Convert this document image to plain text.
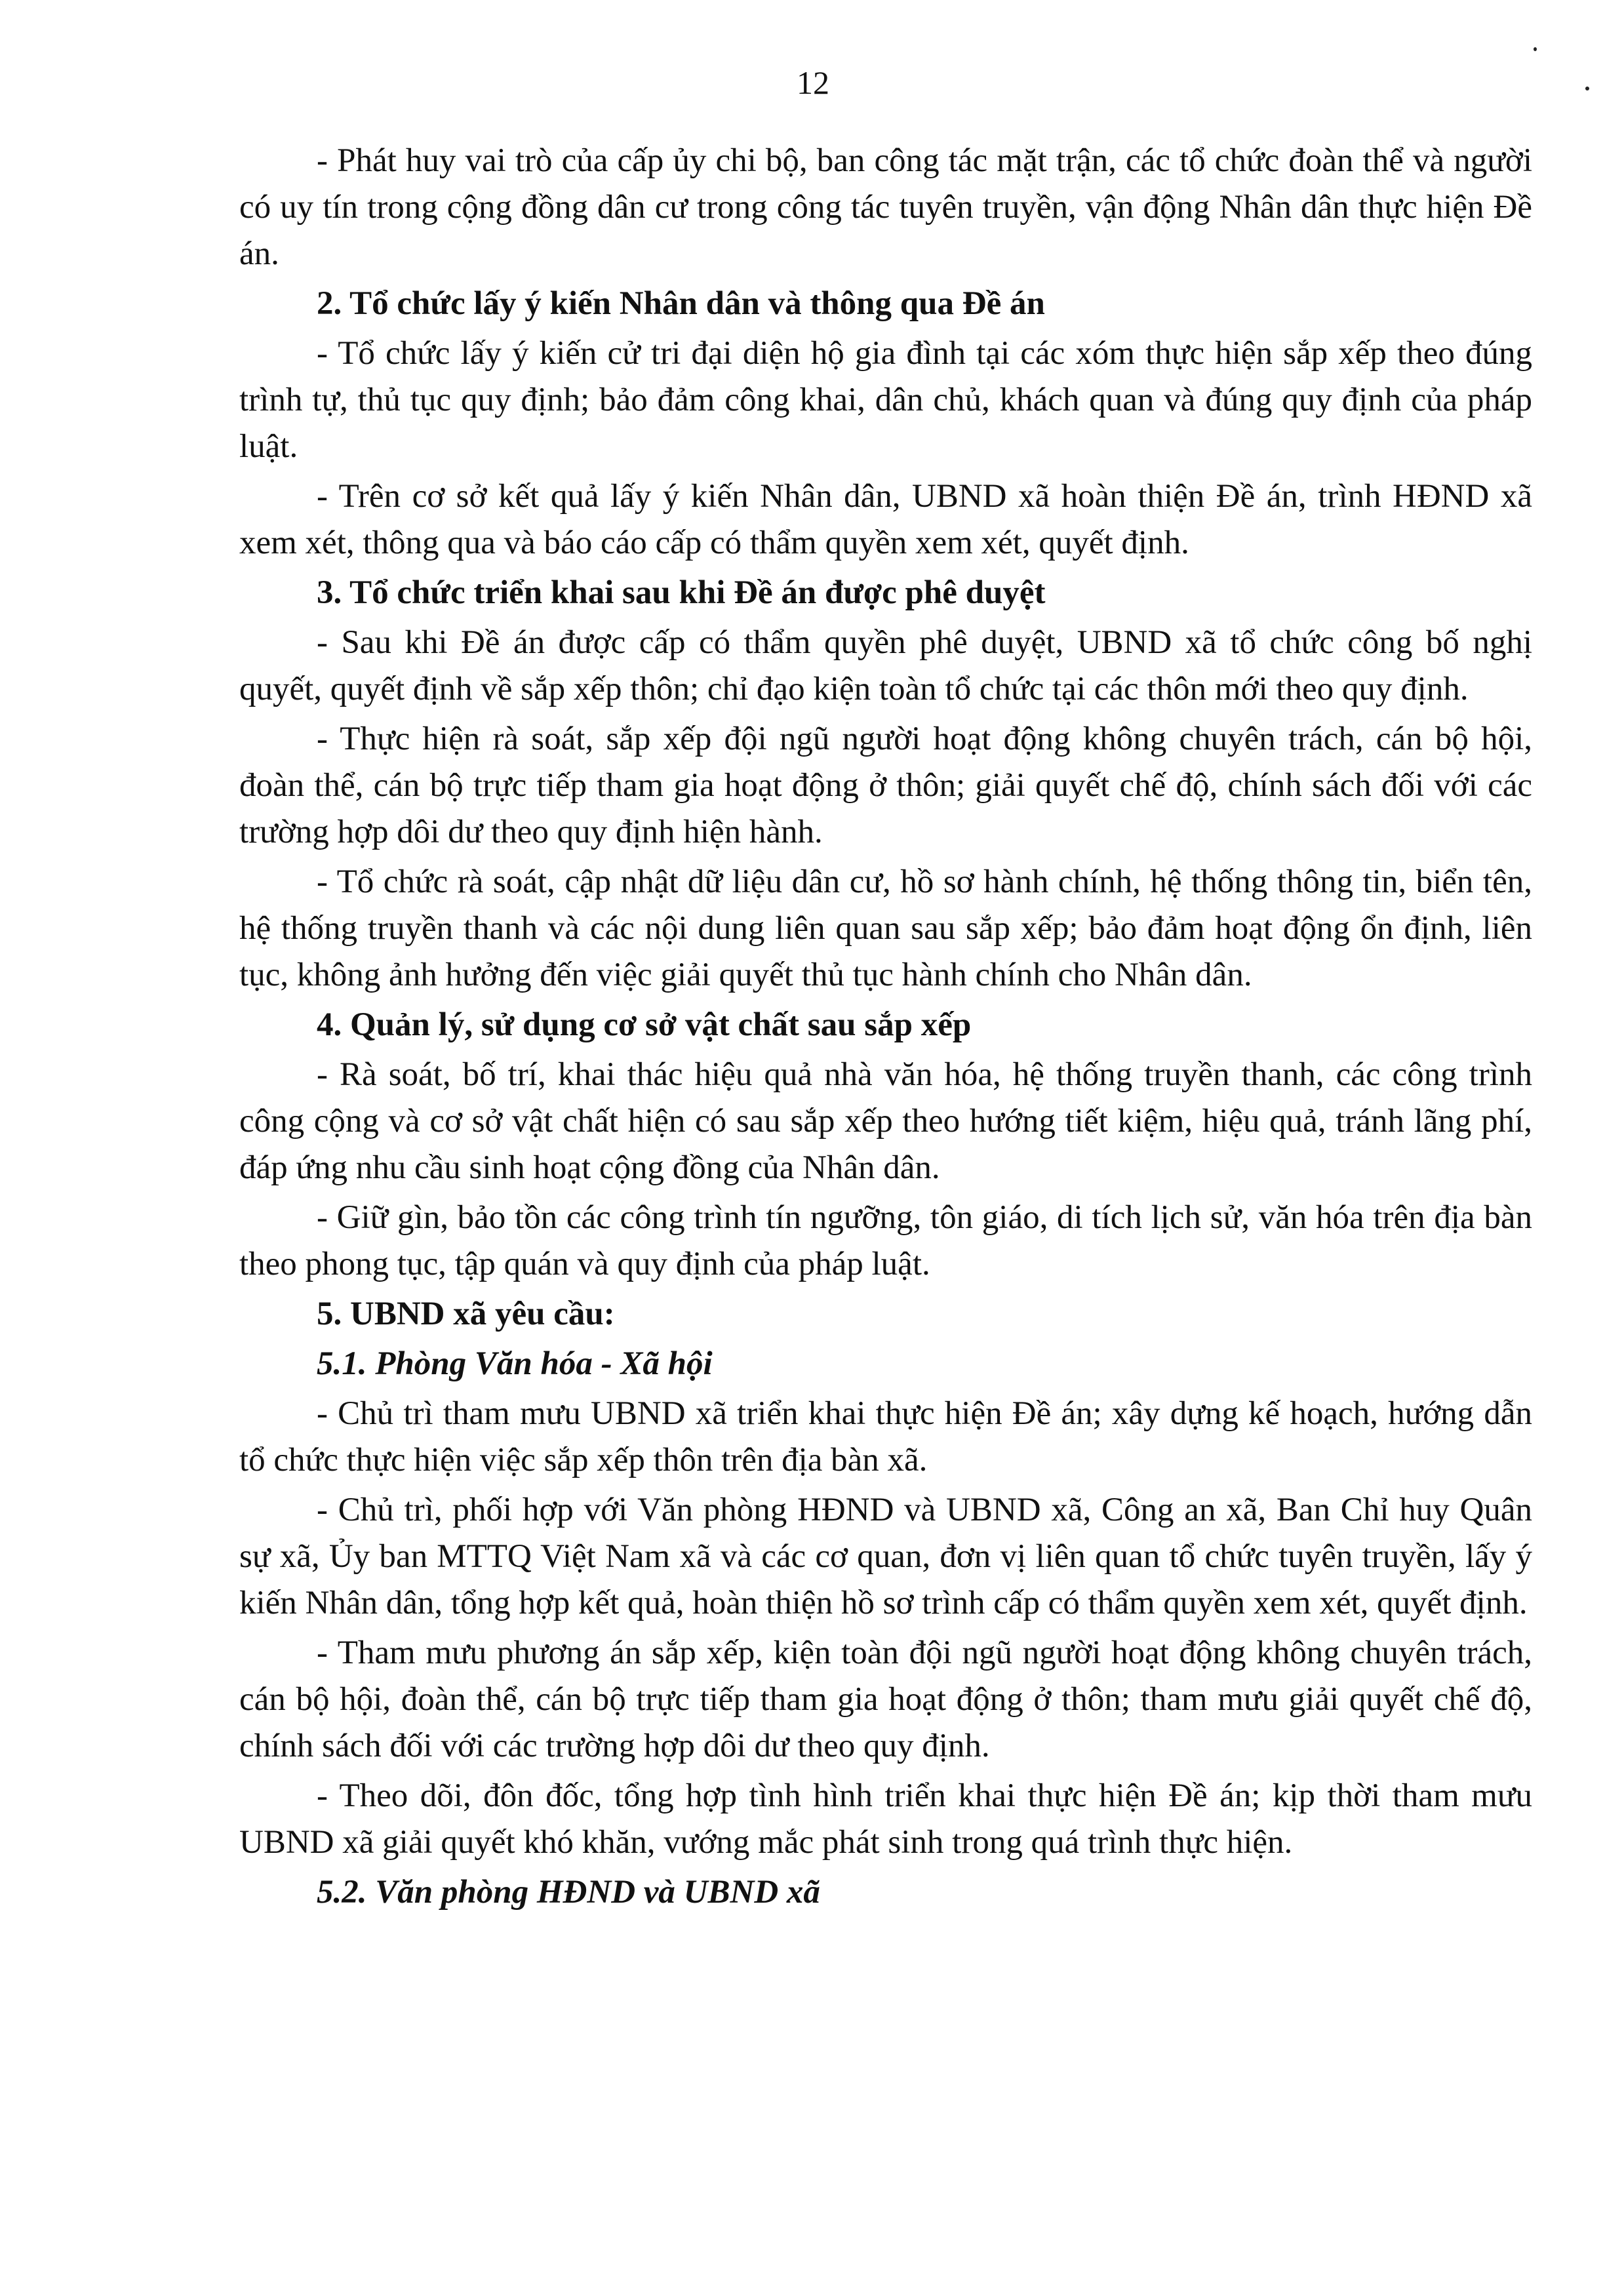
12

- Phát huy vai trò của cấp ủy chi bộ, ban công tác mặt trận, các tổ chức đoàn thể và người có uy tín trong cộng đồng dân cư trong công tác tuyên truyền, vận động Nhân dân thực hiện Đề án.

2. Tổ chức lấy ý kiến Nhân dân và thông qua Đề án

- Tổ chức lấy ý kiến cử tri đại diện hộ gia đình tại các xóm thực hiện sắp xếp theo đúng trình tự, thủ tục quy định; bảo đảm công khai, dân chủ, khách quan và đúng quy định của pháp luật.

- Trên cơ sở kết quả lấy ý kiến Nhân dân, UBND xã hoàn thiện Đề án, trình HĐND xã xem xét, thông qua và báo cáo cấp có thẩm quyền xem xét, quyết định.

3. Tổ chức triển khai sau khi Đề án được phê duyệt

- Sau khi Đề án được cấp có thẩm quyền phê duyệt, UBND xã tổ chức công bố nghị quyết, quyết định về sắp xếp thôn; chỉ đạo kiện toàn tổ chức tại các thôn mới theo quy định.

- Thực hiện rà soát, sắp xếp đội ngũ người hoạt động không chuyên trách, cán bộ hội, đoàn thể, cán bộ trực tiếp tham gia hoạt động ở thôn; giải quyết chế độ, chính sách đối với các trường hợp dôi dư theo quy định hiện hành.

- Tổ chức rà soát, cập nhật dữ liệu dân cư, hồ sơ hành chính, hệ thống thông tin, biển tên, hệ thống truyền thanh và các nội dung liên quan sau sắp xếp; bảo đảm hoạt động ổn định, liên tục, không ảnh hưởng đến việc giải quyết thủ tục hành chính cho Nhân dân.

4. Quản lý, sử dụng cơ sở vật chất sau sắp xếp

- Rà soát, bố trí, khai thác hiệu quả nhà văn hóa, hệ thống truyền thanh, các công trình công cộng và cơ sở vật chất hiện có sau sắp xếp theo hướng tiết kiệm, hiệu quả, tránh lãng phí, đáp ứng nhu cầu sinh hoạt cộng đồng của Nhân dân.

- Giữ gìn, bảo tồn các công trình tín ngưỡng, tôn giáo, di tích lịch sử, văn hóa trên địa bàn theo phong tục, tập quán và quy định của pháp luật.

5. UBND xã yêu cầu:

5.1. Phòng Văn hóa - Xã hội

- Chủ trì tham mưu UBND xã triển khai thực hiện Đề án; xây dựng kế hoạch, hướng dẫn tổ chức thực hiện việc sắp xếp thôn trên địa bàn xã.

- Chủ trì, phối hợp với Văn phòng HĐND và UBND xã, Công an xã, Ban Chỉ huy Quân sự xã, Ủy ban MTTQ Việt Nam xã và các cơ quan, đơn vị liên quan tổ chức tuyên truyền, lấy ý kiến Nhân dân, tổng hợp kết quả, hoàn thiện hồ sơ trình cấp có thẩm quyền xem xét, quyết định.

- Tham mưu phương án sắp xếp, kiện toàn đội ngũ người hoạt động không chuyên trách, cán bộ hội, đoàn thể, cán bộ trực tiếp tham gia hoạt động ở thôn; tham mưu giải quyết chế độ, chính sách đối với các trường hợp dôi dư theo quy định.

- Theo dõi, đôn đốc, tổng hợp tình hình triển khai thực hiện Đề án; kịp thời tham mưu UBND xã giải quyết khó khăn, vướng mắc phát sinh trong quá trình thực hiện.

5.2. Văn phòng HĐND và UBND xã
